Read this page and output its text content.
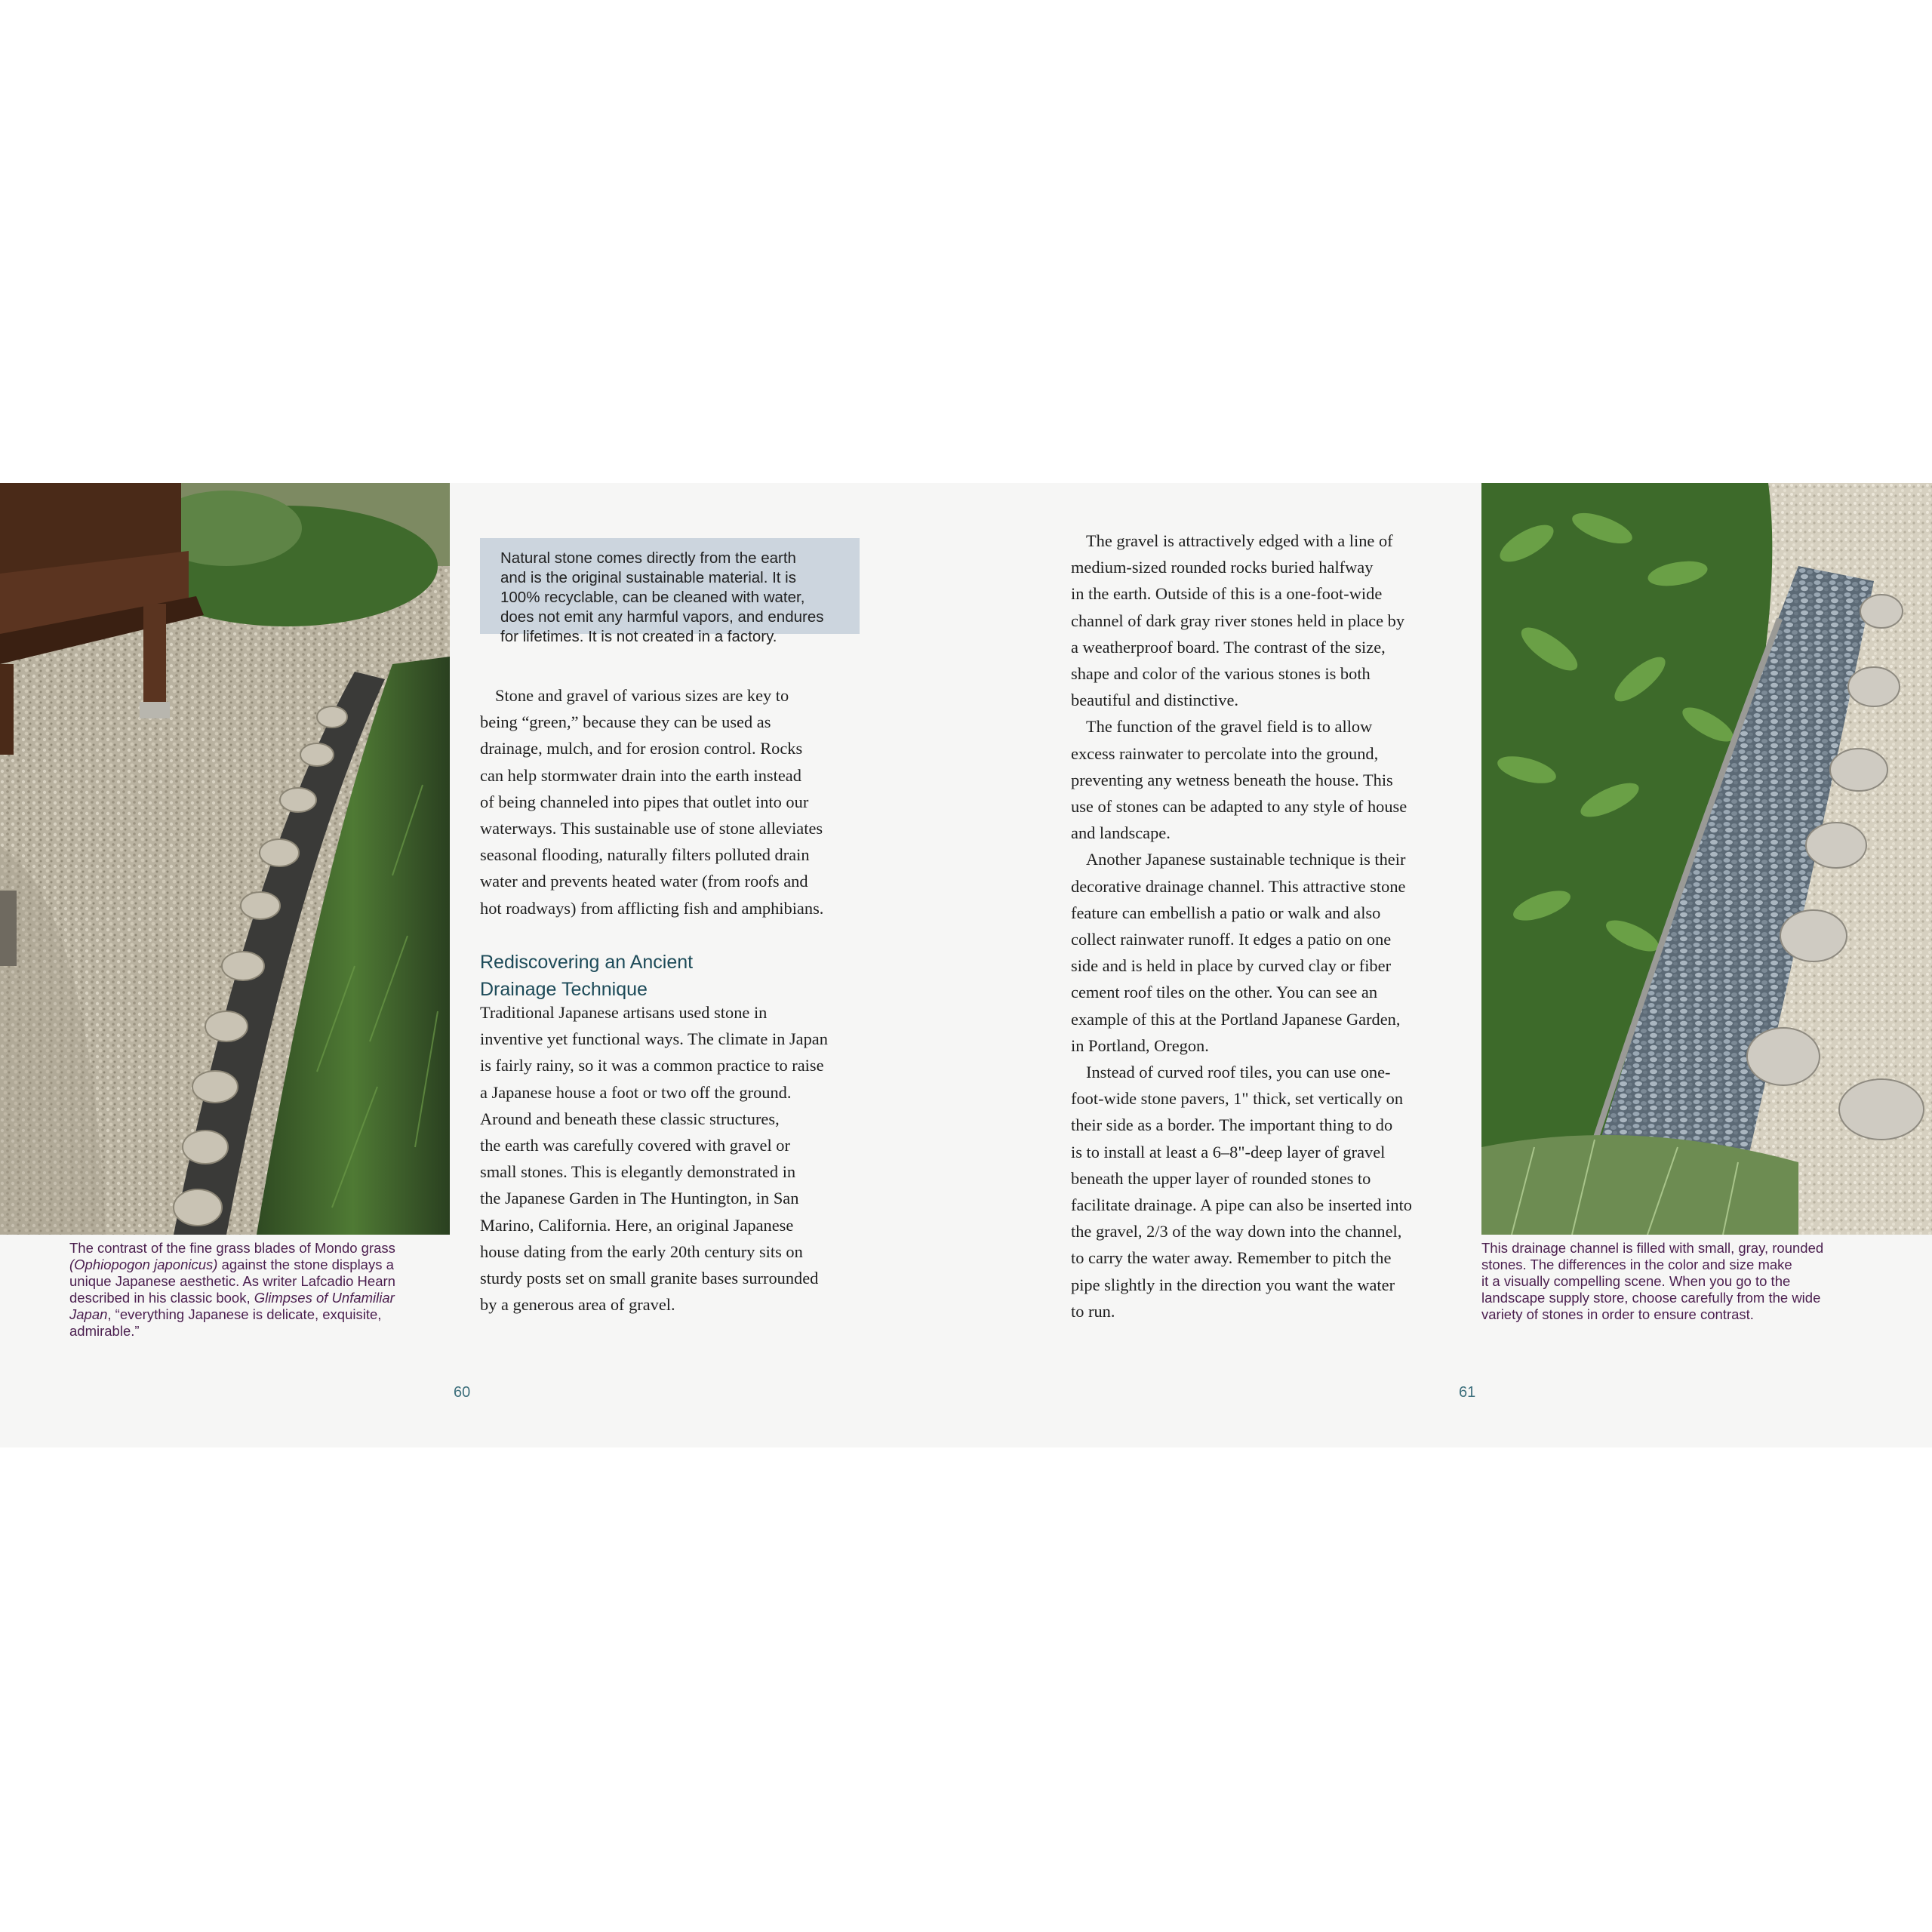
The contrast of the fine grass blades of Mondo grass

(Ophiopogon japonicus) against the stone displays a

unique Japanese aesthetic. As writer Lafcadio Hearn

described in his classic book, Glimpses of Unfamiliar

Japan, “everything Japanese is delicate, exquisite,

admirable.”

Natural stone comes directly from the earth

and is the original sustainable material. It is

100% recyclable, can be cleaned with water,

does not emit any harmful vapors, and endures

for lifetimes. It is not created in a factory.

Stone and gravel of various sizes are key to

being “green,” because they can be used as
drainage, mulch, and for erosion control. Rocks
can help stormwater drain into the earth instead
of being channeled into pipes that outlet into our
waterways. This sustainable use of stone alleviates
seasonal flooding, naturally filters polluted drain
water and prevents heated water (from roofs and
hot roadways) from afflicting fish and amphibians.
Rediscovering an Ancient
Drainage Technique
Traditional Japanese artisans used stone in
inventive yet functional ways. The climate in Japan
is fairly rainy, so it was a common practice to raise
a Japanese house a foot or two off the ground.
Around and beneath these classic structures,
the earth was carefully covered with gravel or
small stones. This is elegantly demonstrated in
the Japanese Garden in The Huntington, in San
Marino, California. Here, an original Japanese
house dating from the early 20th century sits on
sturdy posts set on small granite bases surrounded
by a generous area of gravel.
60
The gravel is attractively edged with a line of
medium-sized rounded rocks buried halfway
in the earth. Outside of this is a one-foot-wide
channel of dark gray river stones held in place by
a weatherproof board. The contrast of the size,
shape and color of the various stones is both
beautiful and distinctive.
The function of the gravel field is to allow
excess rainwater to percolate into the ground,
preventing any wetness beneath the house. This
use of stones can be adapted to any style of house
and landscape.
Another Japanese sustainable technique is their
decorative drainage channel. This attractive stone
feature can embellish a patio or walk and also
collect rainwater runoff. It edges a patio on one
side and is held in place by curved clay or fiber
cement roof tiles on the other. You can see an
example of this at the Portland Japanese Garden,
in Portland, Oregon.
Instead of curved roof tiles, you can use one-
foot-wide stone pavers, 1" thick, set vertically on
their side as a border. The important thing to do
is to install at least a 6–8"-deep layer of gravel
beneath the upper layer of rounded stones to
facilitate drainage. A pipe can also be inserted into
the gravel, 2/3 of the way down into the channel,
to carry the water away. Remember to pitch the
pipe slightly in the direction you want the water
to run.

This drainage channel is filled with small, gray, rounded

stones. The differences in the color and size make

it a visually compelling scene. When you go to the

landscape supply store, choose carefully from the wide

variety of stones in order to ensure contrast.

61
